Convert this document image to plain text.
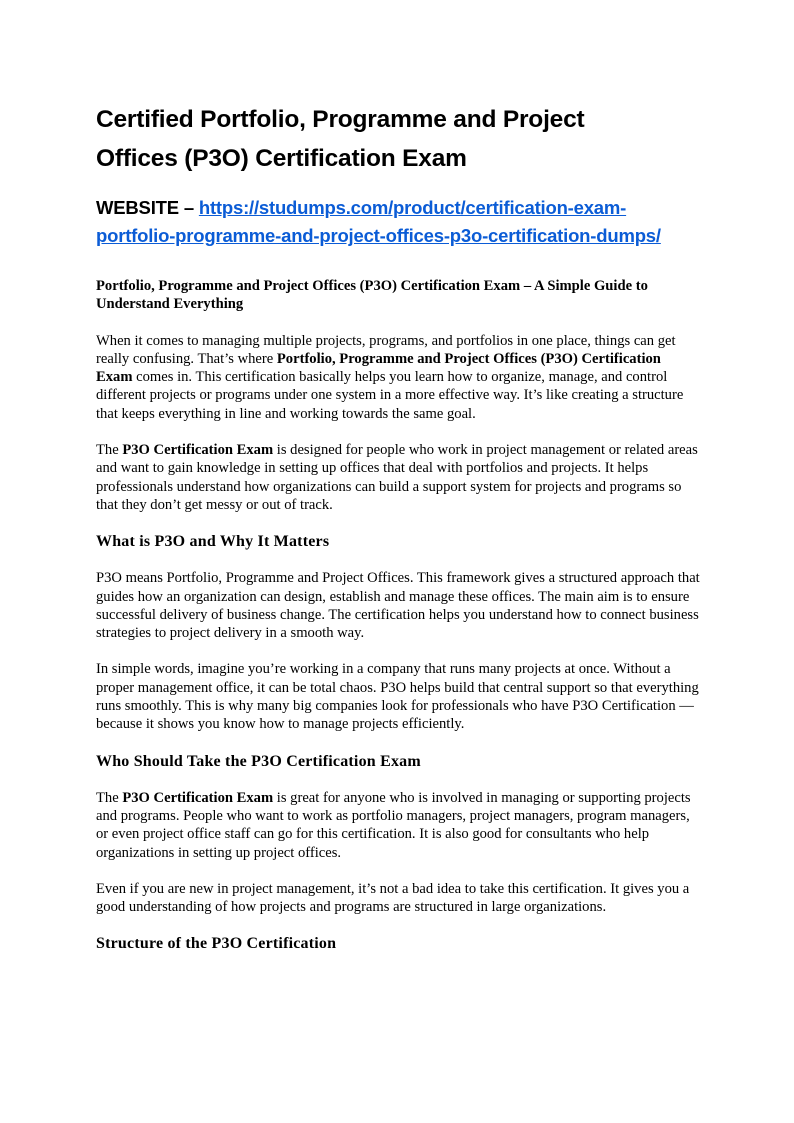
Certified Portfolio, Programme and Project
Offices (P3O) Certification Exam
WEBSITE – https://studumps.com/product/certification-exam-portfolio-programme-and-project-offices-p3o-certification-dumps/

Portfolio, Programme and Project Offices (P3O) Certification Exam – A Simple Guide to Understand Everything

When it comes to managing multiple projects, programs, and portfolios in one place, things can get really confusing. That’s where Portfolio, Programme and Project Offices (P3O) Certification Exam comes in. This certification basically helps you learn how to organize, manage, and control different projects or programs under one system in a more effective way. It’s like creating a structure that keeps everything in line and working towards the same goal.

The P3O Certification Exam is designed for people who work in project management or related areas and want to gain knowledge in setting up offices that deal with portfolios and projects. It helps professionals understand how organizations can build a support system for projects and programs so that they don’t get messy or out of track.

What is P3O and Why It Matters

P3O means Portfolio, Programme and Project Offices. This framework gives a structured approach that guides how an organization can design, establish and manage these offices. The main aim is to ensure successful delivery of business change. The certification helps you understand how to connect business strategies to project delivery in a smooth way.

In simple words, imagine you’re working in a company that runs many projects at once. Without a proper management office, it can be total chaos. P3O helps build that central support so that everything runs smoothly. This is why many big companies look for professionals who have P3O Certification — because it shows you know how to manage projects efficiently.

Who Should Take the P3O Certification Exam

The P3O Certification Exam is great for anyone who is involved in managing or supporting projects and programs. People who want to work as portfolio managers, project managers, program managers, or even project office staff can go for this certification. It is also good for consultants who help organizations in setting up project offices.

Even if you are new in project management, it’s not a bad idea to take this certification. It gives you a good understanding of how projects and programs are structured in large organizations.

Structure of the P3O Certification
